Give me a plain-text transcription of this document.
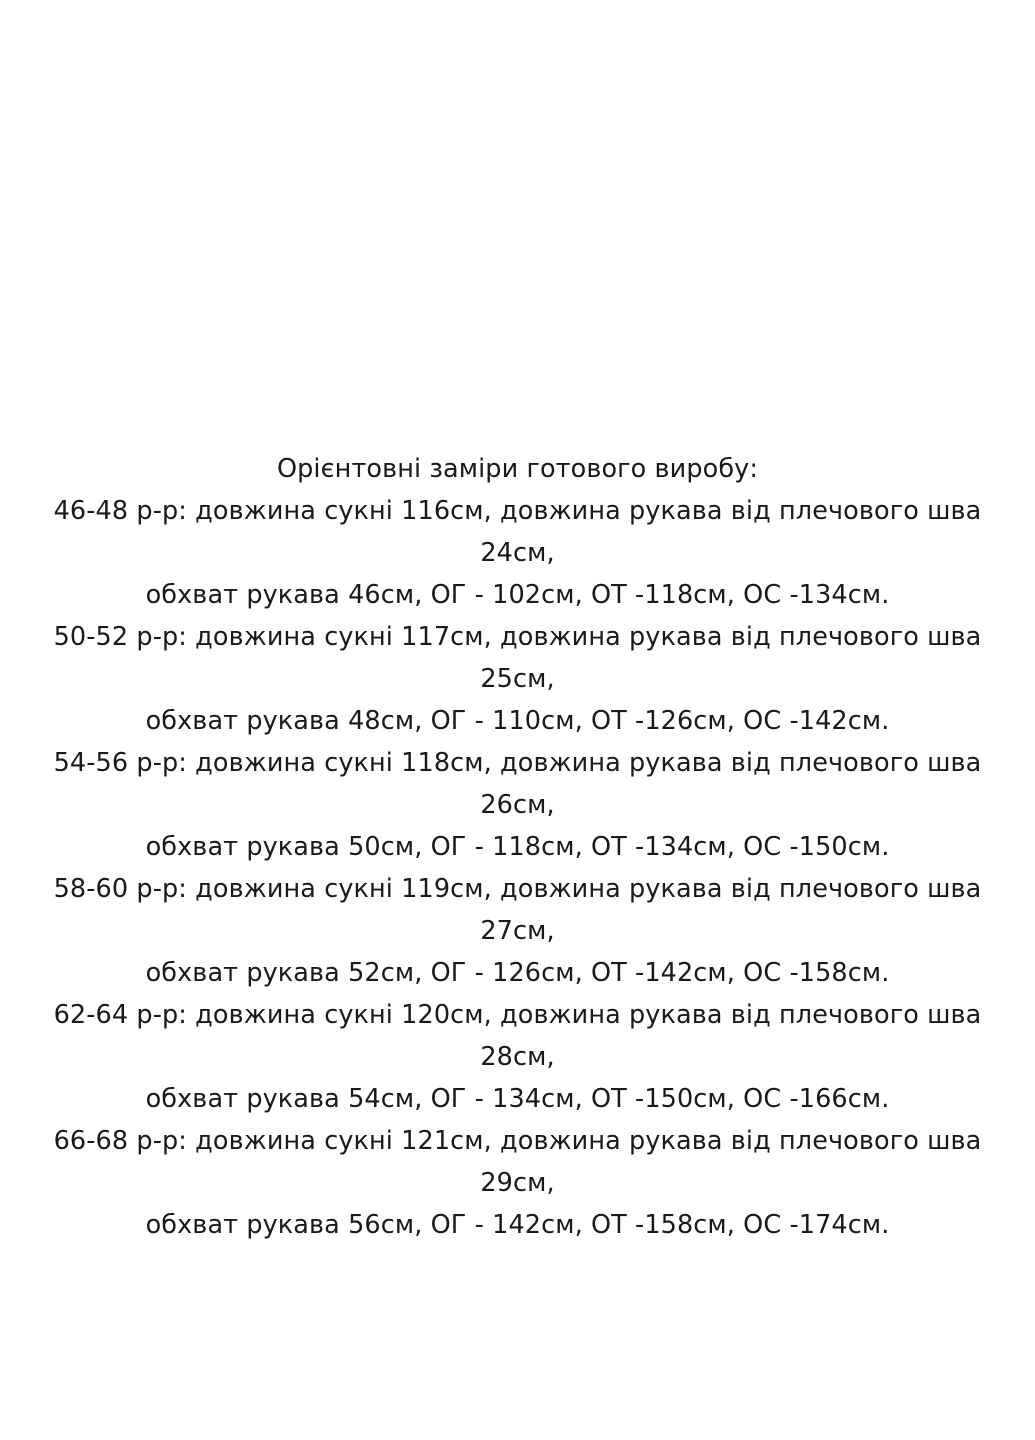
Орієнтовні заміри готового виробу:
46-48 р-р: довжина сукні 116см, довжина рукава від плечового шва 24см,
обхват рукава 46см, ОГ - 102см, ОТ -118см, ОС -134см.
50-52 р-р: довжина сукні 117см, довжина рукава від плечового шва 25см,
обхват рукава 48см, ОГ - 110см, ОТ -126см, ОС -142см.
54-56 р-р: довжина сукні 118см, довжина рукава від плечового шва 26см,
обхват рукава 50см, ОГ - 118см, ОТ -134см, ОС -150см.
58-60 р-р: довжина сукні 119см, довжина рукава від плечового шва 27см,
обхват рукава 52см, ОГ - 126см, ОТ -142см, ОС -158см.
62-64 р-р: довжина сукні 120см, довжина рукава від плечового шва 28см,
обхват рукава 54см, ОГ - 134см, ОТ -150см, ОС -166см.
66-68 р-р: довжина сукні 121см, довжина рукава від плечового шва 29см,
обхват рукава 56см, ОГ - 142см, ОТ -158см, ОС -174см.
